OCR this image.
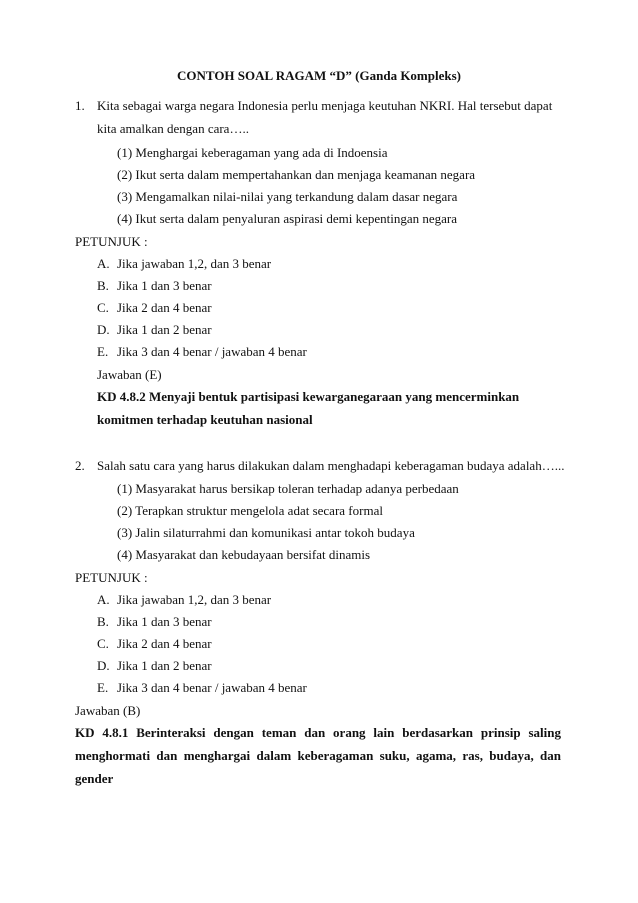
CONTOH SOAL RAGAM “D” (Ganda Kompleks)
1. Kita sebagai warga negara Indonesia perlu menjaga keutuhan NKRI. Hal tersebut dapat
kita amalkan dengan cara…..
(1) Menghargai keberagaman yang ada di Indoensia
(2) Ikut serta dalam mempertahankan dan menjaga keamanan negara
(3) Mengamalkan nilai-nilai yang terkandung dalam dasar negara
(4) Ikut serta dalam penyaluran aspirasi demi kepentingan negara
PETUNJUK :
A. Jika jawaban 1,2, dan 3 benar
B. Jika 1 dan 3 benar
C. Jika 2 dan 4 benar
D. Jika 1 dan 2 benar
E. Jika 3 dan 4 benar / jawaban 4 benar
Jawaban (E)
KD 4.8.2 Menyaji bentuk partisipasi kewarganegaraan yang mencerminkan
komitmen terhadap keutuhan nasional
2. Salah satu cara yang harus dilakukan dalam menghadapi keberagaman budaya adalah…...
(1) Masyarakat harus bersikap toleran terhadap adanya perbedaan
(2) Terapkan struktur mengelola adat secara formal
(3) Jalin silaturrahmi dan komunikasi antar tokoh budaya
(4) Masyarakat dan kebudayaan bersifat dinamis
PETUNJUK :
A. Jika jawaban 1,2, dan 3 benar
B. Jika 1 dan 3 benar
C. Jika 2 dan 4 benar
D. Jika 1 dan 2 benar
E. Jika 3 dan 4 benar / jawaban 4 benar
Jawaban (B)
KD 4.8.1 Berinteraksi dengan teman dan orang lain berdasarkan prinsip saling
menghormati dan menghargai dalam keberagaman suku, agama, ras, budaya, dan
gender
